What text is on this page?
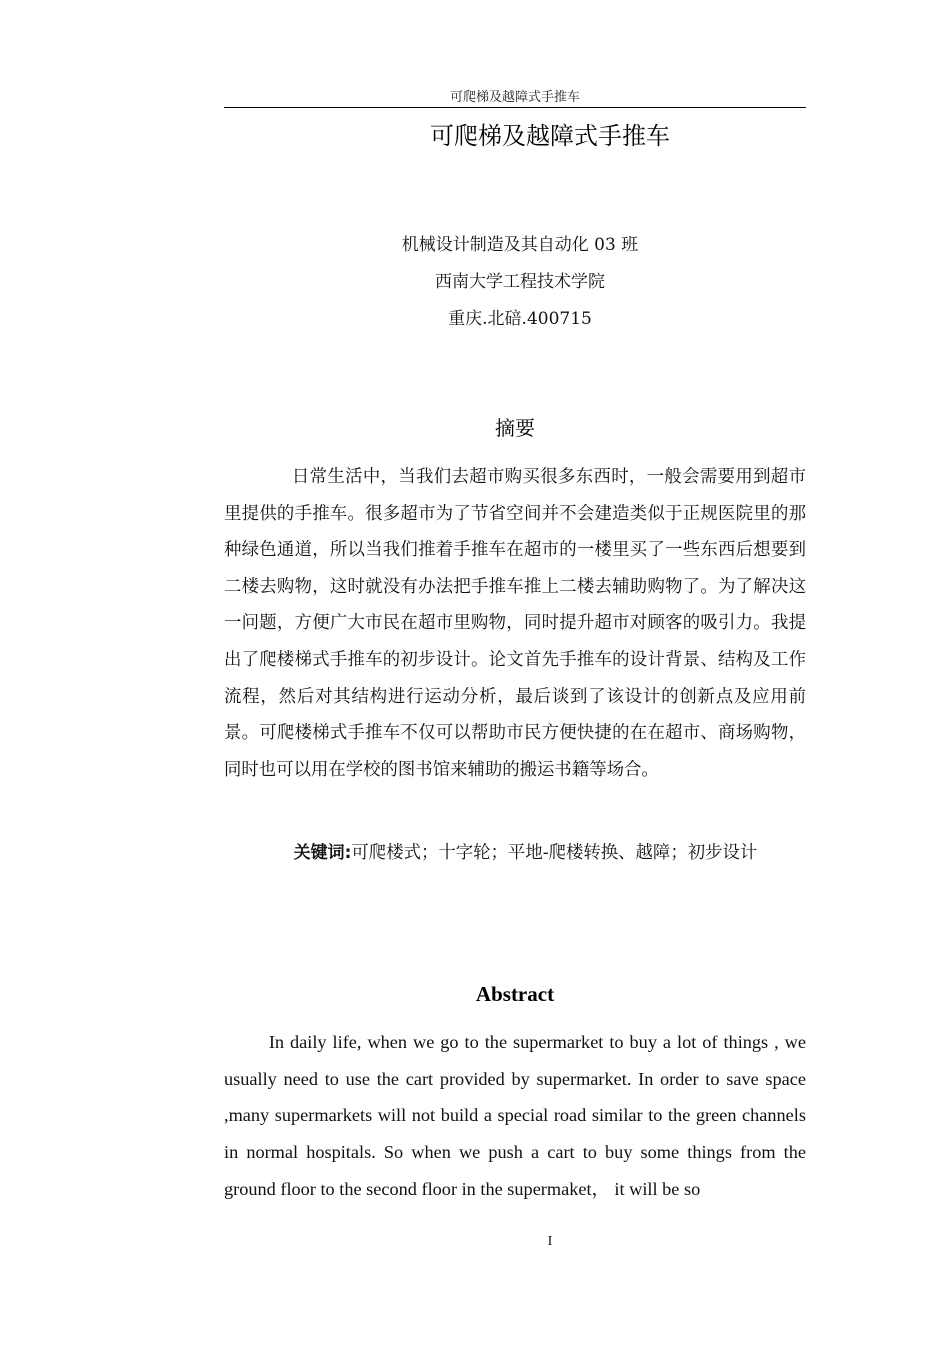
可爬梯及越障式手推车
可爬梯及越障式手推车
机械设计制造及其自动化 03 班
西南大学工程技术学院
重庆.北碚.400715
摘要

日常生活中，当我们去超市购买很多东西时，一般会需要用到超市里提供的手推车。很多超市为了节省空间并不会建造类似于正规医院里的那种绿色通道，所以当我们推着手推车在超市的一楼里买了一些东西后想要到二楼去购物，这时就没有办法把手推车推上二楼去辅助购物了。为了解决这一问题，方便广大市民在超市里购物，同时提升超市对顾客的吸引力。我提出了爬楼梯式手推车的初步设计。论文首先手推车的设计背景、结构及工作流程，然后对其结构进行运动分析，最后谈到了该设计的创新点及应用前景。可爬楼梯式手推车不仅可以帮助市民方便快捷的在在超市、商场购物，同时也可以用在学校的图书馆来辅助的搬运书籍等场合。

关键词:可爬楼式；十字轮；平地-爬楼转换、越障；初步设计

Abstract

In daily life, when we go to the supermarket to buy a lot of things , we usually need to use the cart provided by supermarket. In order to save space ,many supermarkets will not build a special road similar to the green channels in normal hospitals. So when we push a cart to buy some things from the ground floor to the second floor in the supermaket， it will be so

I
